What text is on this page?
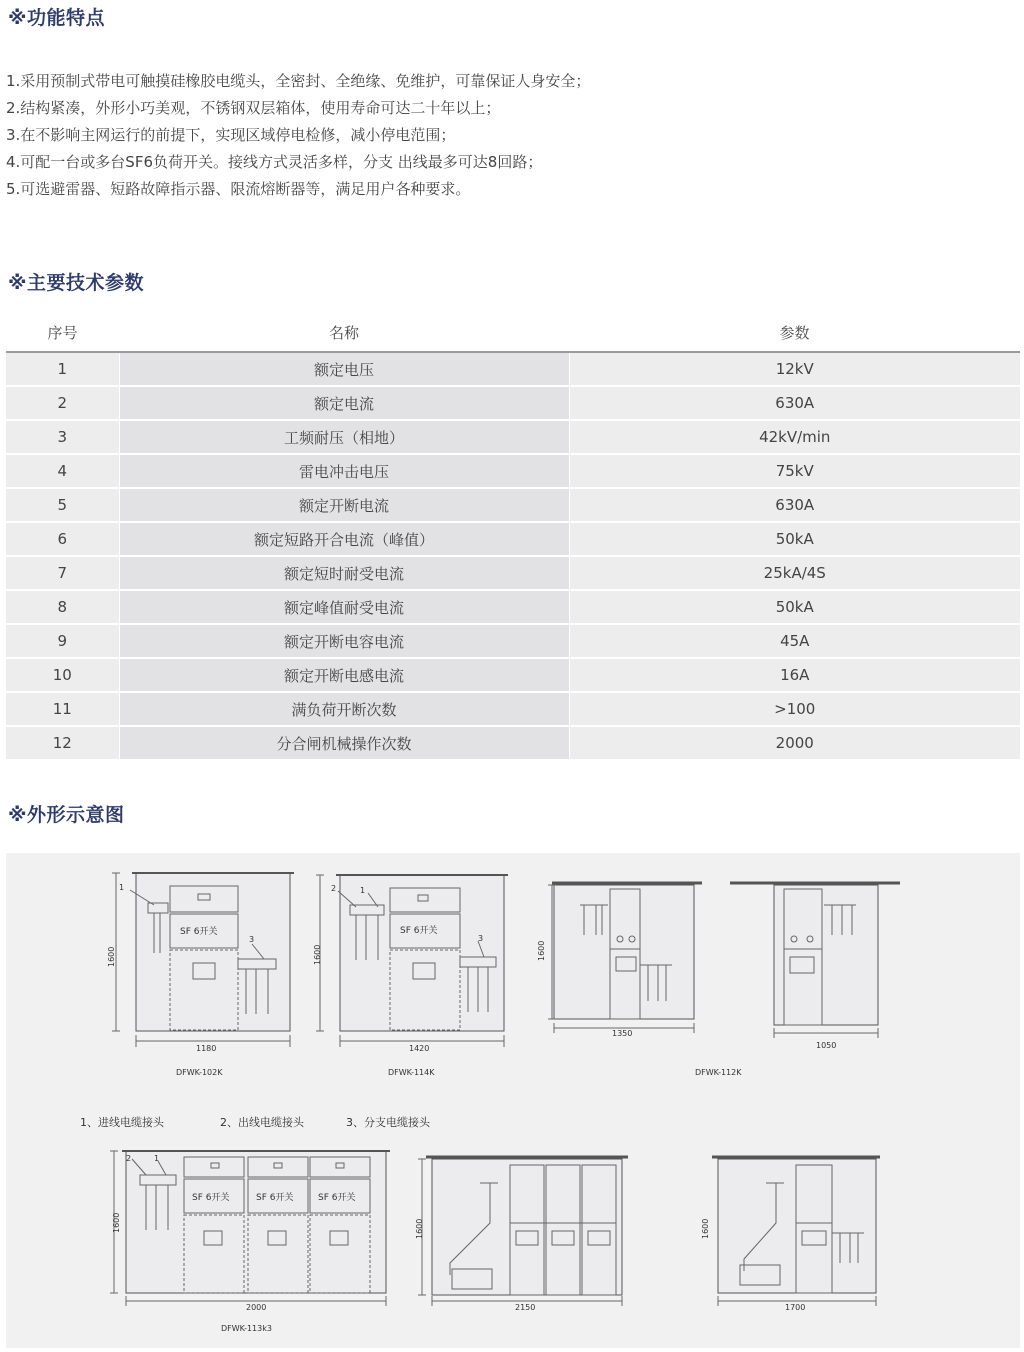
※功能特点
1.采用预制式带电可触摸硅橡胶电缆头，全密封、全绝缘、免维护，可靠保证人身安全；
2.结构紧凑，外形小巧美观，不锈钢双层箱体，使用寿命可达二十年以上；
3.在不影响主网运行的前提下，实现区域停电检修，减小停电范围；
4.可配一台或多台SF6负荷开关。接线方式灵活多样，分支 出线最多可达8回路；
5.可选避雷器、短路故障指示器、限流熔断器等，满足用户各种要求。
※主要技术参数
序号	名称	参数
1	额定电压	12kV
2	额定电流	630A
3	工频耐压（相地）	42kV/min
4	雷电冲击电压	75kV
5	额定开断电流	630A
6	额定短路开合电流（峰值）	50kA
7	额定短时耐受电流	25kA/4S
8	额定峰值耐受电流	50kA
9	额定开断电容电流	45A
10	额定开断电感电流	16A
11	满负荷开断次数	>100
12	分合闸机械操作次数	2000
※外形示意图
1
3
SF 6开关
1600
1180
DFWK-102K
2	1
3
SF 6开关
1600
1420
DFWK-114K
1600
1350
1050
DFWK-112K
1、进线电缆接头	2、出线电缆接头	3、分支电缆接头
2	1
SF 6开关	SF 6开关	SF 6开关
1600
2000
DFWK-113k3
1600
2150
1600
1700
